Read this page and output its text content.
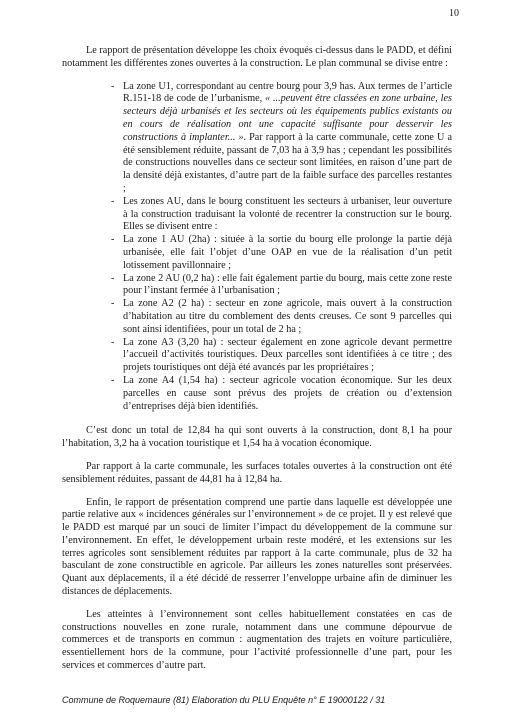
10

Le rapport de présentation développe les choix évoqués ci-dessus dans le PADD, et défini notamment les différentes zones ouvertes à la construction. Le plan communal se divise entre :

- La zone U1, correspondant au centre bourg pour 3,9 has. Aux termes de l’article R.151-18 de code de l’urbanisme, « ...peuvent être classées en zone urbaine, les secteurs déjà urbanisés et les secteurs où les équipements publics existants ou en cours de réalisation ont une capacité suffisante pour desservir les constructions à implanter... ». Par rapport à la carte communale, cette zone U a été sensiblement réduite, passant de 7,03 ha à 3,9 has ; cependant les possibilités de constructions nouvelles dans ce secteur sont limitées, en raison d’une part de la densité déjà existantes, d’autre part de la faible surface des parcelles restantes ;
- Les zones AU, dans le bourg constituent les secteurs à urbaniser, leur ouverture à la construction traduisant la volonté de recentrer la construction sur le bourg. Elles se divisent entre :
- La zone 1 AU (2ha) : située à la sortie du bourg elle prolonge la partie déjà urbanisée, elle fait l’objet d’une OAP en vue de la réalisation d’un petit lotissement pavillonnaire ;
- La zone 2 AU (0,2 ha) : elle fait également partie du bourg, mais cette zone reste pour l’instant fermée à l’urbanisation ;
- La zone A2 (2 ha) : secteur en zone agricole, mais ouvert à la construction d’habitation au titre du comblement des dents creuses. Ce sont 9 parcelles qui sont ainsi identifiées, pour un total de 2 ha ;
- La zone A3 (3,20 ha) : secteur également en zone agricole devant permettre l’accueil d’activités touristiques. Deux parcelles sont identifiées à ce titre ; des projets touristiques ont déjà été avancés par les propriétaires ;
- La zone A4 (1,54 ha) : secteur agricole vocation économique. Sur les deux parcelles en cause sont prévus des projets de création ou d’extension d’entreprises déjà bien identifiés.

C’est donc un total de 12,84 ha qui sont ouverts à la construction, dont 8,1 ha pour l’habitation, 3,2 ha à vocation touristique et 1,54 ha à vocation économique.

Par rapport à la carte communale, les surfaces totales ouvertes à la construction ont été sensiblement réduites, passant de 44,81 ha à 12,84 ha.

Enfin, le rapport de présentation comprend une partie dans laquelle est développée une partie relative aux « incidences générales sur l’environnement » de ce projet. Il y est relevé que le PADD est marqué par un souci de limiter l’impact du développement de la commune sur l’environnement. En effet, le développement urbain reste modéré, et les extensions sur les terres agricoles sont sensiblement réduites par rapport à la carte communale, plus de 32 ha basculant de zone constructible en agricole. Par ailleurs les zones naturelles sont préservées. Quant aux déplacements, il a été décidé de resserrer l’enveloppe urbaine afin de diminuer les distances de déplacements.

Les atteintes à l’environnement sont celles habituellement constatées en cas de constructions nouvelles en zone rurale, notamment dans une commune dépourvue de commerces et de transports en commun : augmentation des trajets en voiture particulière, essentiellement hors de la commune, pour l’activité professionnelle d’une part, pour les services et commerces d’autre part.

Commune de Roquemaure (81) Elaboration du PLU Enquête n° E 19000122 / 31
